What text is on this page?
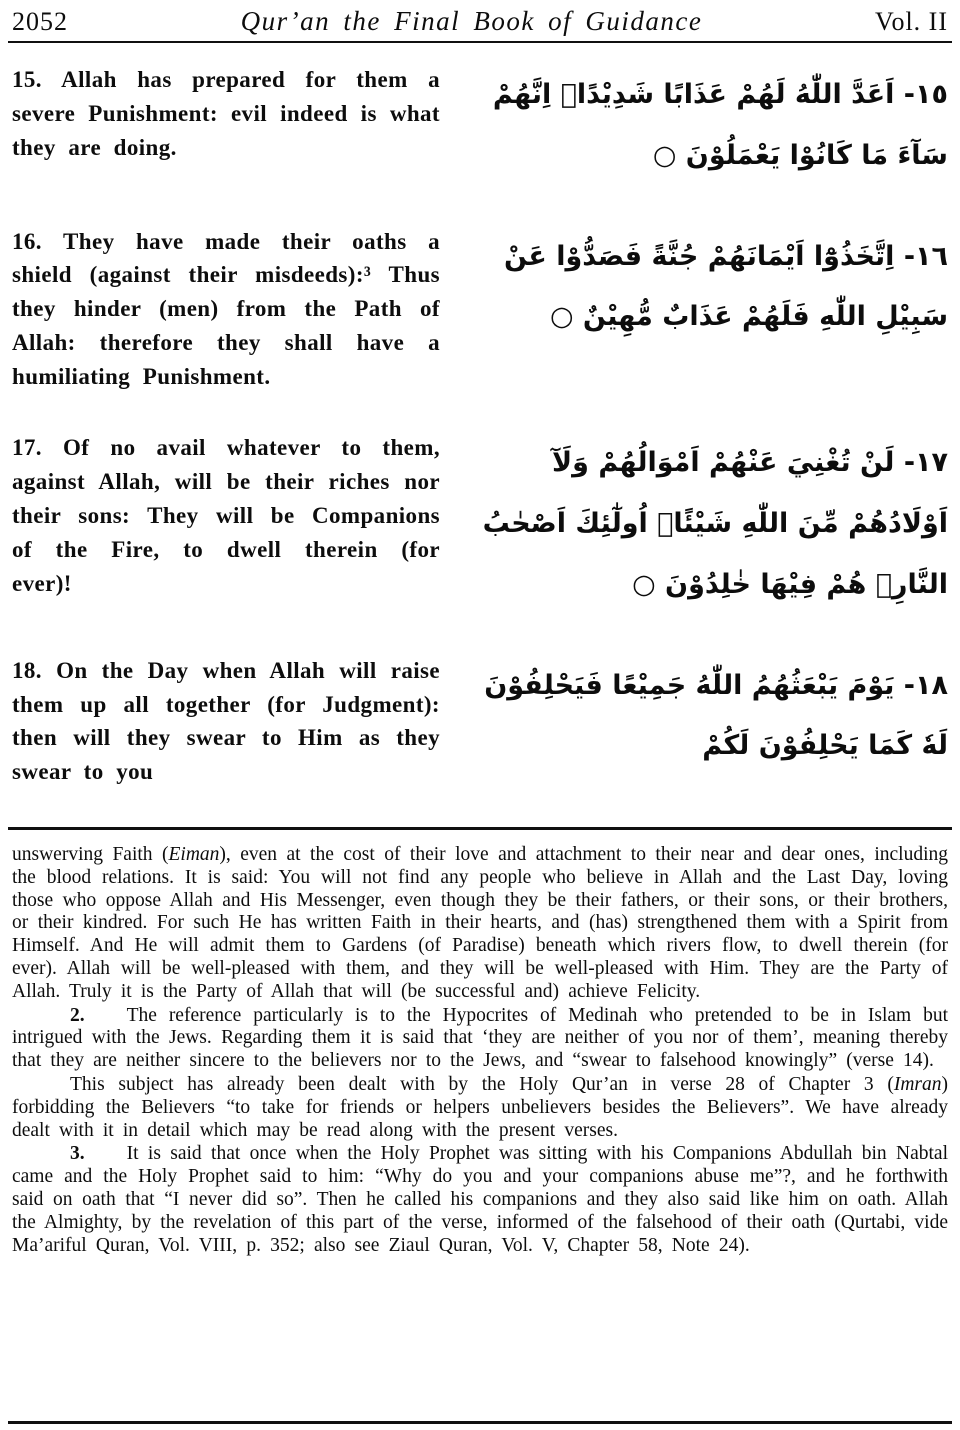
2052	Qur’an the Final Book of Guidance	Vol. II
15. Allah has prepared for them a severe Punishment: evil indeed is what they are doing.
١٥- اَعَدَّ اللّٰهُ لَهُمْ عَذَابًا شَدِيْدًاۚ اِنَّهُمْ سَآءَ مَا كَانُوْا يَعْمَلُوْنَ ○
16. They have made their oaths a shield (against their misdeeds):³ Thus they hinder (men) from the Path of Allah: therefore they shall have a humiliating Punishment.
١٦- اِتَّخَذُوْٓا اَيْمَانَهُمْ جُنَّةً فَصَدُّوْا عَنْ سَبِيْلِ اللّٰهِ فَلَهُمْ عَذَابٌ مُّهِيْنٌ ○
17. Of no avail whatever to them, against Allah, will be their riches nor their sons: They will be Companions of the Fire, to dwell therein (for ever)!
١٧- لَنْ تُغْنِيَ عَنْهُمْ اَمْوَالُهُمْ وَلَآ اَوْلَادُهُمْ مِّنَ اللّٰهِ شَيْئًاۚ اُولٰٓئِكَ اَصْحٰبُ النَّارِۚ هُمْ فِيْهَا خٰلِدُوْنَ ○
18. On the Day when Allah will raise them up all together (for Judgment): then will they swear to Him as they swear to you
١٨- يَوْمَ يَبْعَثُهُمُ اللّٰهُ جَمِيْعًا فَيَحْلِفُوْنَ لَهٗ كَمَا يَحْلِفُوْنَ لَكُمْ

unswerving Faith (Eiman), even at the cost of their love and attachment to their near and dear ones, including the blood relations. It is said: You will not find any people who believe in Allah and the Last Day, loving those who oppose Allah and His Messenger, even though they be their fathers, or their sons, or their brothers, or their kindred. For such He has written Faith in their hearts, and (has) strengthened them with a Spirit from Himself. And He will admit them to Gardens (of Paradise) beneath which rivers flow, to dwell therein (for ever). Allah will be well-pleased with them, and they will be well-pleased with Him. They are the Party of Allah. Truly it is the Party of Allah that will (be successful and) achieve Felicity.

2. The reference particularly is to the Hypocrites of Medinah who pretended to be in Islam but intrigued with the Jews. Regarding them it is said that ‘they are neither of you nor of them’, meaning thereby that they are neither sincere to the believers nor to the Jews, and “swear to falsehood knowingly” (verse 14).

This subject has already been dealt with by the Holy Qur’an in verse 28 of Chapter 3 (Imran) forbidding the Believers “to take for friends or helpers unbelievers besides the Believers”. We have already dealt with it in detail which may be read along with the present verses.

3. It is said that once when the Holy Prophet was sitting with his Companions Abdullah bin Nabtal came and the Holy Prophet said to him: “Why do you and your companions abuse me”?, and he forthwith said on oath that “I never did so”. Then he called his companions and they also said like him on oath. Allah the Almighty, by the revelation of this part of the verse, informed of the falsehood of their oath (Qurtabi, vide Ma’ariful Quran, Vol. VIII, p. 352; also see Ziaul Quran, Vol. V, Chapter 58, Note 24).
